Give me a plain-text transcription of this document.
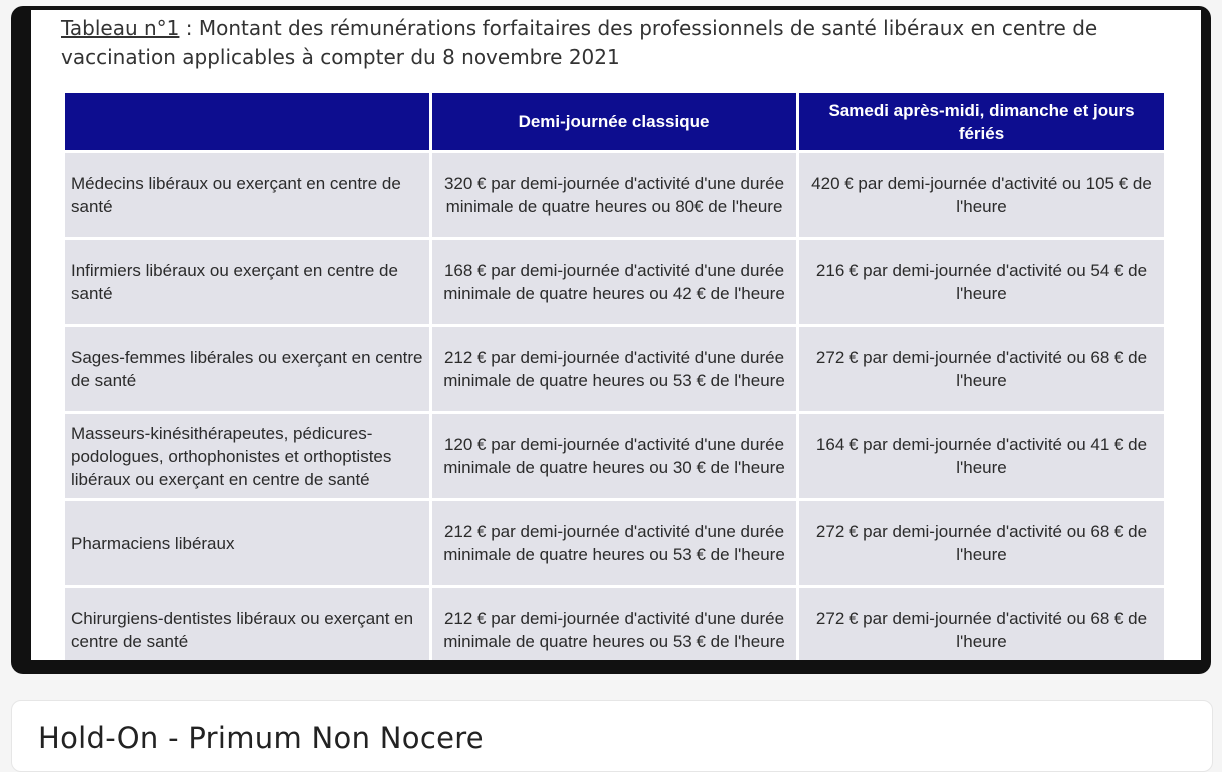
Tableau n°1 : Montant des rémunérations forfaitaires des professionnels de santé libéraux en centre de vaccination applicables à compter du 8 novembre 2021
	Demi-journée classique	Samedi après-midi, dimanche et jours fériés
Médecins libéraux ou exerçant en centre de santé	320 € par demi-journée d'activité d'une durée minimale de quatre heures ou 80€ de l'heure	420 € par demi-journée d'activité ou 105 € de l'heure
Infirmiers libéraux ou exerçant en centre de santé	168 € par demi-journée d'activité d'une durée minimale de quatre heures ou 42 € de l'heure	216 € par demi-journée d'activité ou 54 € de l'heure
Sages-femmes libérales ou exerçant en centre de santé	212 € par demi-journée d'activité d'une durée minimale de quatre heures ou 53 € de l'heure	272 € par demi-journée d'activité ou 68 € de l'heure
Masseurs-kinésithérapeutes, pédicures-podologues, orthophonistes et orthoptistes libéraux ou exerçant en centre de santé	120 € par demi-journée d'activité d'une durée minimale de quatre heures ou 30 € de l'heure	164 € par demi-journée d'activité ou 41 € de l'heure
Pharmaciens libéraux	212 € par demi-journée d'activité d'une durée minimale de quatre heures ou 53 € de l'heure	272 € par demi-journée d'activité ou 68 € de l'heure
Chirurgiens-dentistes libéraux ou exerçant en centre de santé	212 € par demi-journée d'activité d'une durée minimale de quatre heures ou 53 € de l'heure	272 € par demi-journée d'activité ou 68 € de l'heure
Hold-On - Primum Non Nocere
